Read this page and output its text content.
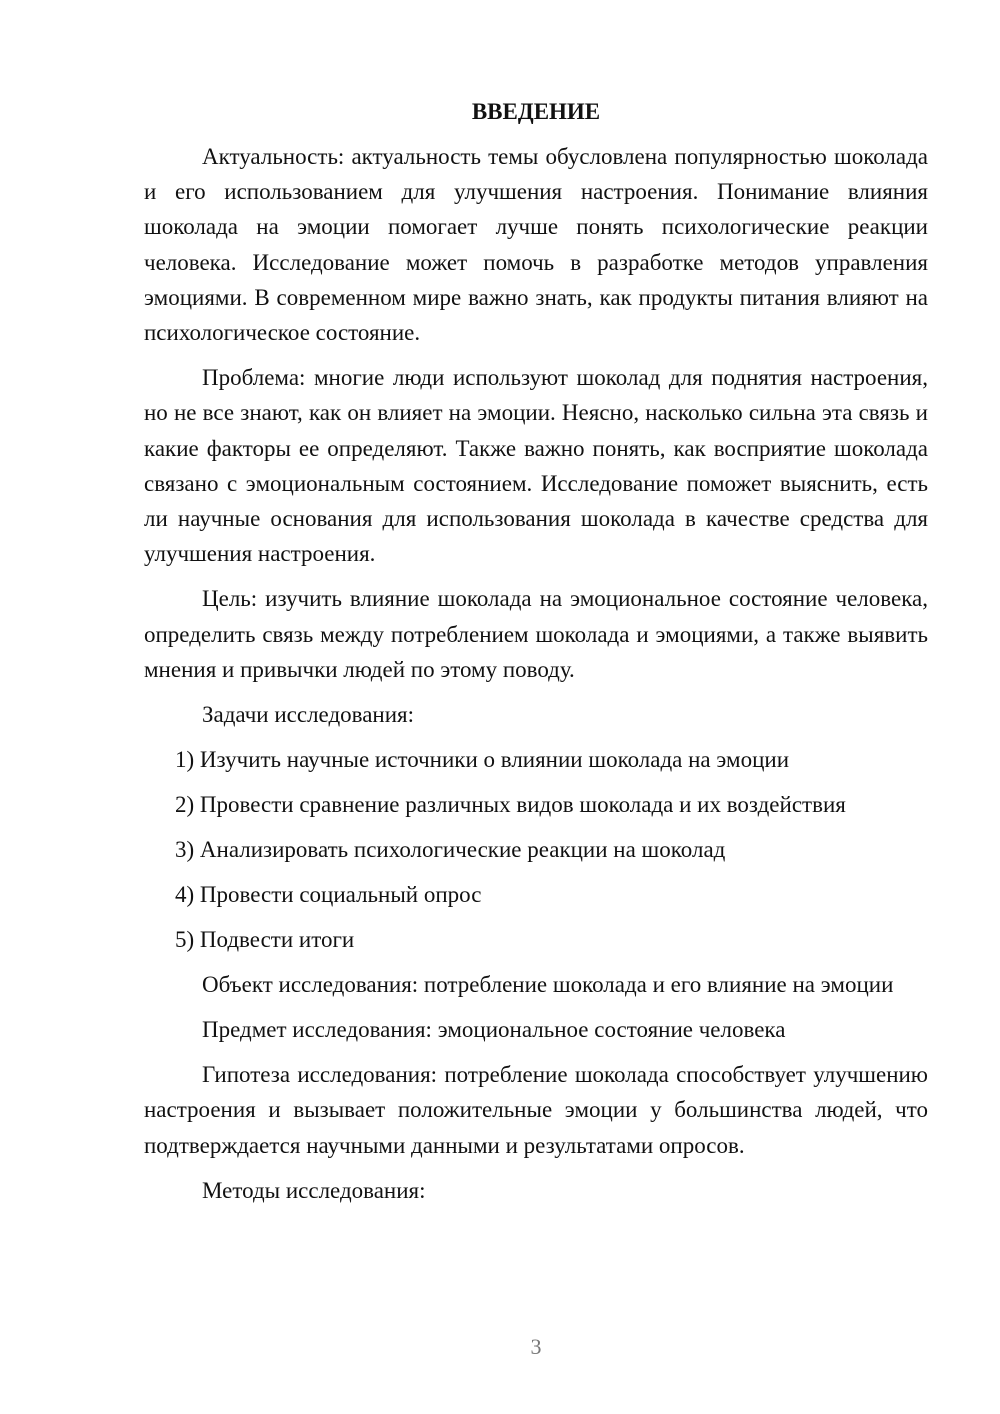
ВВЕДЕНИЕ

Актуальность: актуальность темы обусловлена популярностью шоколада и его использованием для улучшения настроения. Понимание влияния шоколада на эмоции помогает лучше понять психологические реакции человека. Исследование может помочь в разработке методов управления эмоциями. В современном мире важно знать, как продукты питания влияют на психологическое состояние.

Проблема: многие люди используют шоколад для поднятия настроения, но не все знают, как он влияет на эмоции. Неясно, насколько сильна эта связь и какие факторы ее определяют. Также важно понять, как восприятие шоколада связано с эмоциональным состоянием. Исследование поможет выяснить, есть ли научные основания для использования шоколада в качестве средства для улучшения настроения.

Цель: изучить влияние шоколада на эмоциональное состояние человека, определить связь между потреблением шоколада и эмоциями, а также выявить мнения и привычки людей по этому поводу.

Задачи исследования:

1) Изучить научные источники о влиянии шоколада на эмоции
2) Провести сравнение различных видов шоколада и их воздействия
3) Анализировать психологические реакции на шоколад
4) Провести социальный опрос
5) Подвести итоги

Объект исследования: потребление шоколада и его влияние на эмоции

Предмет исследования: эмоциональное состояние человека

Гипотеза исследования: потребление шоколада способствует улучшению настроения и вызывает положительные эмоции у большинства людей, что подтверждается научными данными и результатами опросов.

Методы исследования:

3
